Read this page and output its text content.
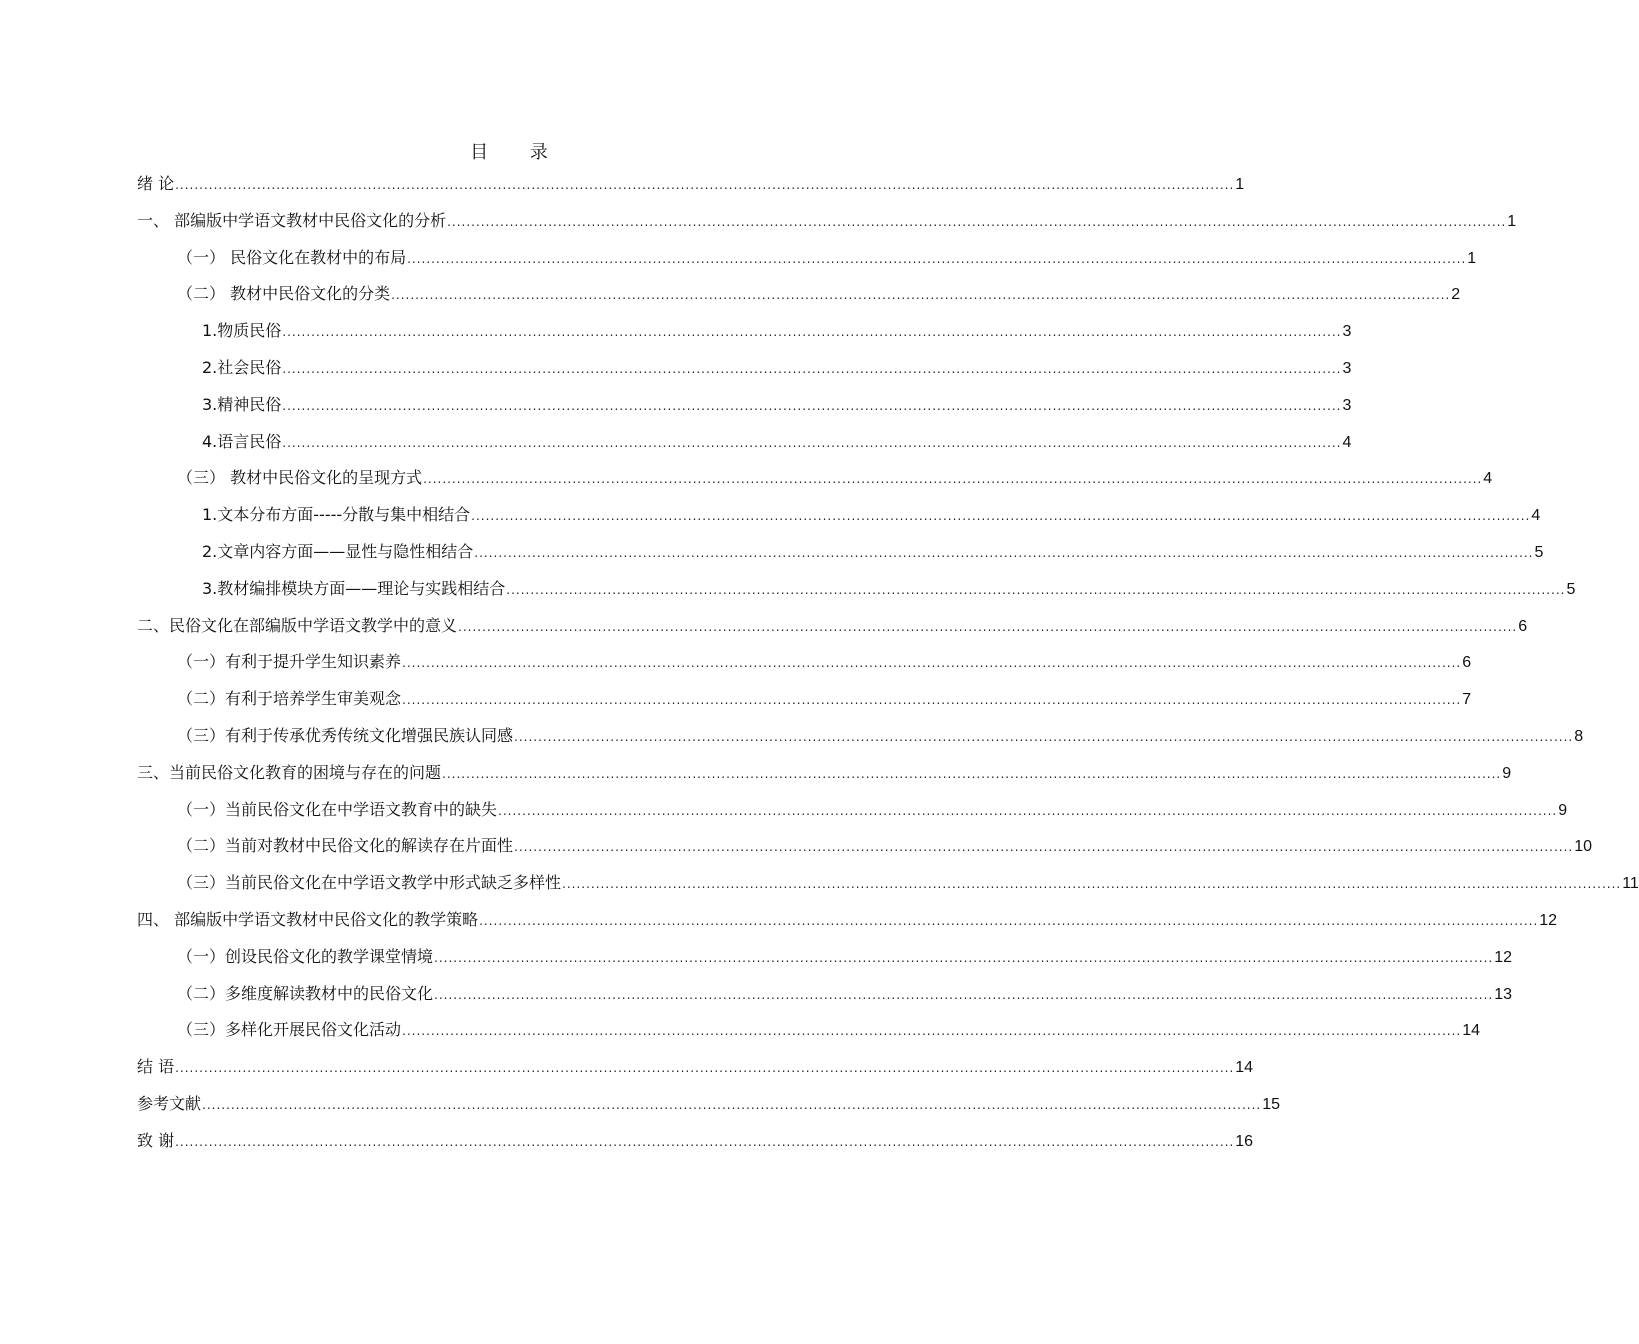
目 录
绪 论 ............................................................................................................................................................................................................................ 1
一、 部编版中学语文教材中民俗文化的分析 ............................................................................................................................................................................................................................ 1
（一） 民俗文化在教材中的布局 ............................................................................................................................................................................................................................ 1
（二） 教材中民俗文化的分类 ............................................................................................................................................................................................................................ 2
1.物质民俗 ............................................................................................................................................................................................................................ 3
2.社会民俗 ............................................................................................................................................................................................................................ 3
3.精神民俗 ............................................................................................................................................................................................................................ 3
4.语言民俗 ............................................................................................................................................................................................................................ 4
（三） 教材中民俗文化的呈现方式 ............................................................................................................................................................................................................................ 4
1.文本分布方面-----分散与集中相结合 ............................................................................................................................................................................................................................ 4
2.文章内容方面——显性与隐性相结合 ............................................................................................................................................................................................................................ 5
3.教材编排模块方面——理论与实践相结合 ............................................................................................................................................................................................................................ 5
二、民俗文化在部编版中学语文教学中的意义 ............................................................................................................................................................................................................................ 6
（一）有利于提升学生知识素养 ............................................................................................................................................................................................................................ 6
（二）有利于培养学生审美观念 ............................................................................................................................................................................................................................ 7
（三）有利于传承优秀传统文化增强民族认同感 ............................................................................................................................................................................................................................ 8
三、当前民俗文化教育的困境与存在的问题 ............................................................................................................................................................................................................................ 9
（一）当前民俗文化在中学语文教育中的缺失 ............................................................................................................................................................................................................................ 9
（二）当前对教材中民俗文化的解读存在片面性 ............................................................................................................................................................................................................................ 10
（三）当前民俗文化在中学语文教学中形式缺乏多样性 ............................................................................................................................................................................................................................ 11
四、 部编版中学语文教材中民俗文化的教学策略 ............................................................................................................................................................................................................................ 12
（一）创设民俗文化的教学课堂情境 ............................................................................................................................................................................................................................ 12
（二）多维度解读教材中的民俗文化 ............................................................................................................................................................................................................................ 13
（三）多样化开展民俗文化活动 ............................................................................................................................................................................................................................ 14
结 语 ............................................................................................................................................................................................................................ 14
参考文献 ............................................................................................................................................................................................................................ 15
致 谢 ............................................................................................................................................................................................................................ 16
